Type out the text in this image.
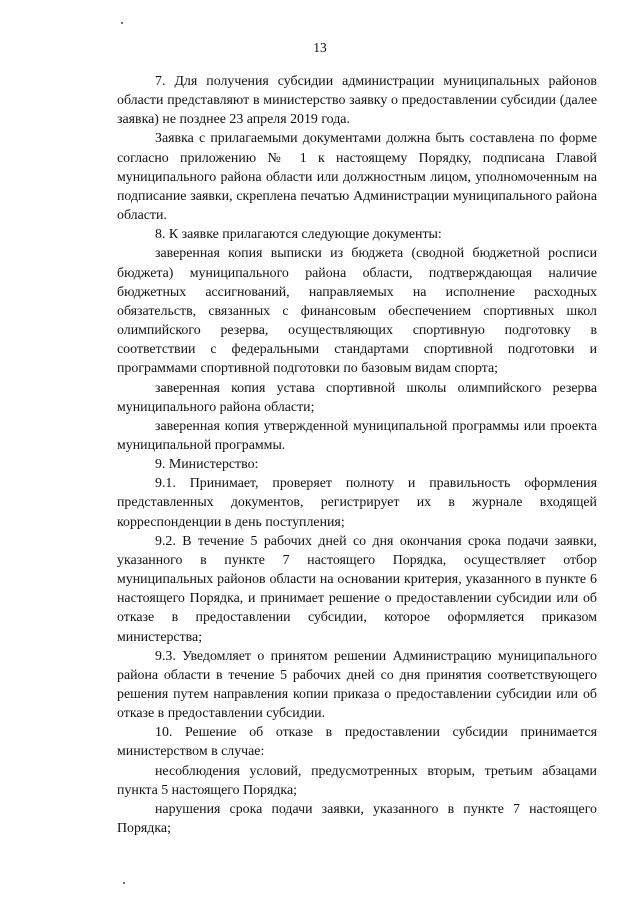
13

7. Для получения субсидии администрации муниципальных районов области представляют в министерство заявку о предоставлении субсидии (далее заявка) не позднее 23 апреля 2019 года.

Заявка с прилагаемыми документами должна быть составлена по форме согласно приложению № 1 к настоящему Порядку, подписана Главой муниципального района области или должностным лицом, уполномоченным на подписание заявки, скреплена печатью Администрации муниципального района области.

8. К заявке прилагаются следующие документы:

заверенная копия выписки из бюджета (сводной бюджетной росписи бюджета) муниципального района области, подтверждающая наличие бюджетных ассигнований, направляемых на исполнение расходных обязательств, связанных с финансовым обеспечением спортивных школ олимпийского резерва, осуществляющих спортивную подготовку в соответствии с федеральными стандартами спортивной подготовки и программами спортивной подготовки по базовым видам спорта;

заверенная копия устава спортивной школы олимпийского резерва муниципального района области;

заверенная копия утвержденной муниципальной программы или проекта муниципальной программы.

9. Министерство:

9.1. Принимает, проверяет полноту и правильность оформления представленных документов, регистрирует их в журнале входящей корреспонденции в день поступления;

9.2. В течение 5 рабочих дней со дня окончания срока подачи заявки, указанного в пункте 7 настоящего Порядка, осуществляет отбор муниципальных районов области на основании критерия, указанного в пункте 6 настоящего Порядка, и принимает решение о предоставлении субсидии или об отказе в предоставлении субсидии, которое оформляется приказом министерства;

9.3. Уведомляет о принятом решении Администрацию муниципального района области в течение 5 рабочих дней со дня принятия соответствующего решения путем направления копии приказа о предоставлении субсидии или об отказе в предоставлении субсидии.

10. Решение об отказе в предоставлении субсидии принимается министерством в случае:

несоблюдения условий, предусмотренных вторым, третьим абзацами пункта 5 настоящего Порядка;

нарушения срока подачи заявки, указанного в пункте 7 настоящего Порядка;
